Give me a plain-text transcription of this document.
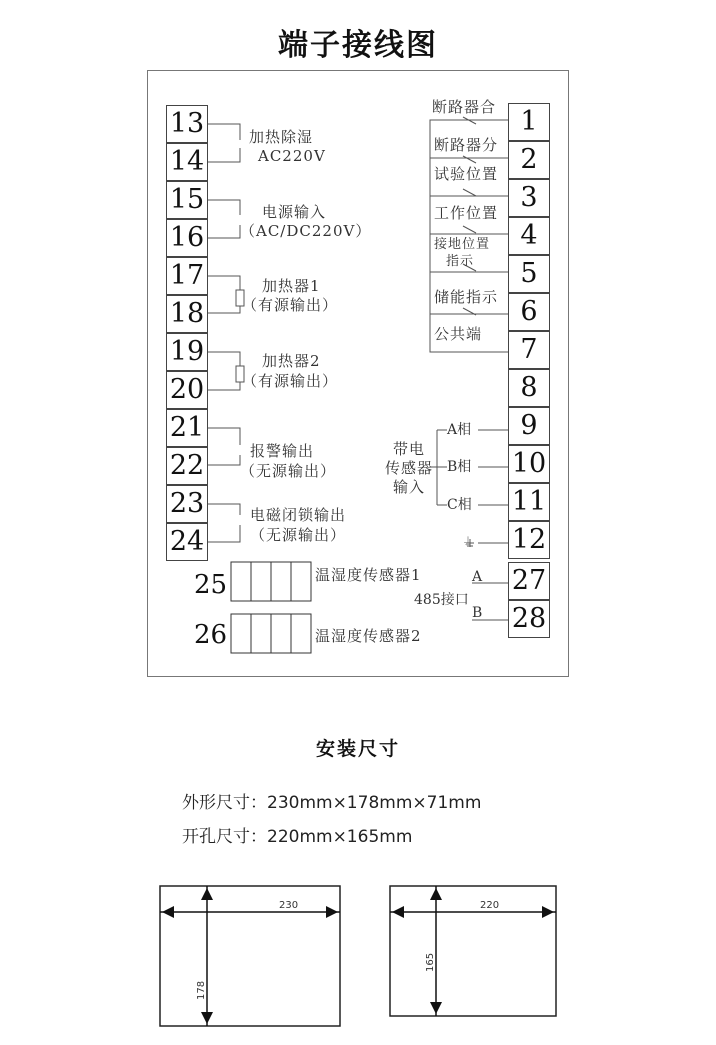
端子接线图
230
178
220
165
13
14
15
16
17
18
19
20
21
22
23
24
加热除湿
AC220V
电源输入
（AC/DC220V）
加热器1
（有源输出）
加热器2
（有源输出）
报警输出
（无源输出）
电磁闭锁输出
（无源输出）
25	温湿度传感器1
26	温湿度传感器2
1
2
3
4
5
6
7
8
9
10
11
12
27
28
断路器合
断路器分
试验位置
工作位置
接地位置
指示
储能指示
公共端
带电
传感器
输入
A相
B相
C相
⏚
A
485接口
B
安装尺寸
外形尺寸：230mm×178mm×71mm
开孔尺寸：220mm×165mm
